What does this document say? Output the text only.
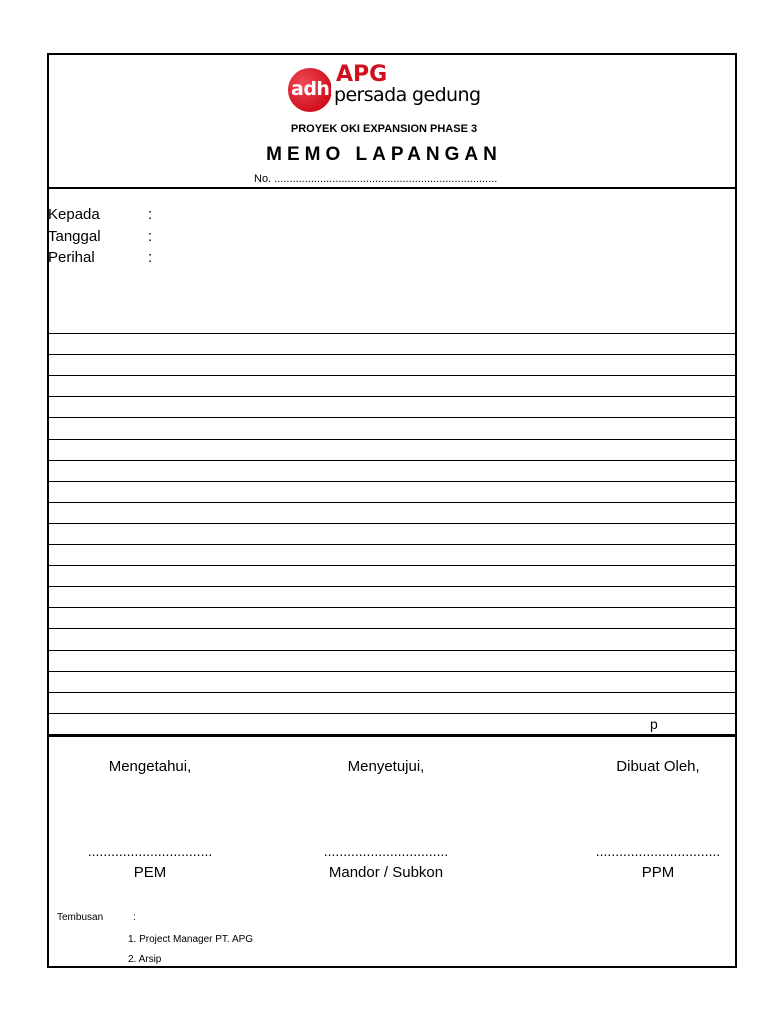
adhi
APG
persada gedung
PROYEK OKI EXPANSION PHASE 3
MEMO LAPANGAN
No. .........................................................................
Kepada	:
Tanggal	:
Perihal	:
p
Mengetahui,	Menyetujui,	Dibuat Oleh,
................................	................................	................................
PEM	Mandor / Subkon	PPM
Tembusan	:
1. Project Manager PT. APG
2. Arsip
